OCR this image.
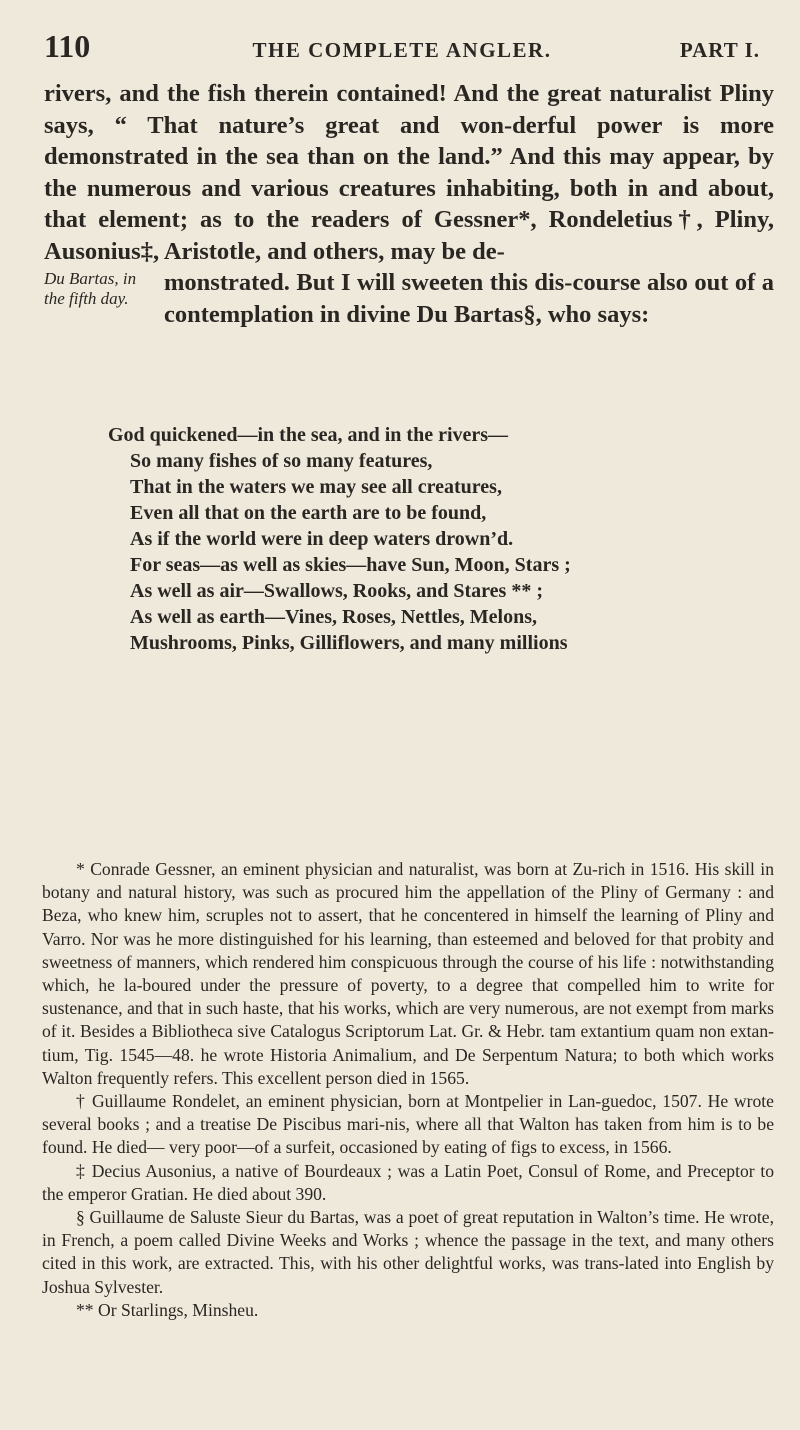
110	THE COMPLETE ANGLER.	PART I.

rivers, and the fish therein contained! And the great naturalist Pliny says, “ That nature’s great and won-derful power is more demonstrated in the sea than on the land.” And this may appear, by the numerous and various creatures inhabiting, both in and about, that element; as to the readers of Gessner*, Rondeletius†, Pliny, Ausonius‡, Aristotle, and others, may be de-

Du Bartas, in the fifth day.
monstrated. But I will sweeten this dis-course also out of a contemplation in divine Du Bartas§, who says:

God quickened—in the sea, and in the rivers—
So many fishes of so many features,
That in the waters we may see all creatures,
Even all that on the earth are to be found,
As if the world were in deep waters drown’d.
For seas—as well as skies—have Sun, Moon, Stars ;
As well as air—Swallows, Rooks, and Stares ** ;
As well as earth—Vines, Roses, Nettles, Melons,
Mushrooms, Pinks, Gilliflowers, and many millions

* Conrade Gessner, an eminent physician and naturalist, was born at Zu-rich in 1516. His skill in botany and natural history, was such as procured him the appellation of the Pliny of Germany : and Beza, who knew him, scruples not to assert, that he concentered in himself the learning of Pliny and Varro. Nor was he more distinguished for his learning, than esteemed and beloved for that probity and sweetness of manners, which rendered him conspicuous through the course of his life : notwithstanding which, he la-boured under the pressure of poverty, to a degree that compelled him to write for sustenance, and that in such haste, that his works, which are very numerous, are not exempt from marks of it. Besides a Bibliotheca sive Catalogus Scriptorum Lat. Gr. & Hebr. tam extantium quam non extan-tium, Tig. 1545—48. he wrote Historia Animalium, and De Serpentum Natura; to both which works Walton frequently refers. This excellent person died in 1565.

† Guillaume Rondelet, an eminent physician, born at Montpelier in Lan-guedoc, 1507. He wrote several books ; and a treatise De Piscibus mari-nis, where all that Walton has taken from him is to be found. He died— very poor—of a surfeit, occasioned by eating of figs to excess, in 1566.

‡ Decius Ausonius, a native of Bourdeaux ; was a Latin Poet, Consul of Rome, and Preceptor to the emperor Gratian. He died about 390.

§ Guillaume de Saluste Sieur du Bartas, was a poet of great reputation in Walton’s time. He wrote, in French, a poem called Divine Weeks and Works ; whence the passage in the text, and many others cited in this work, are extracted. This, with his other delightful works, was trans-lated into English by Joshua Sylvester.

** Or Starlings, Minsheu.
